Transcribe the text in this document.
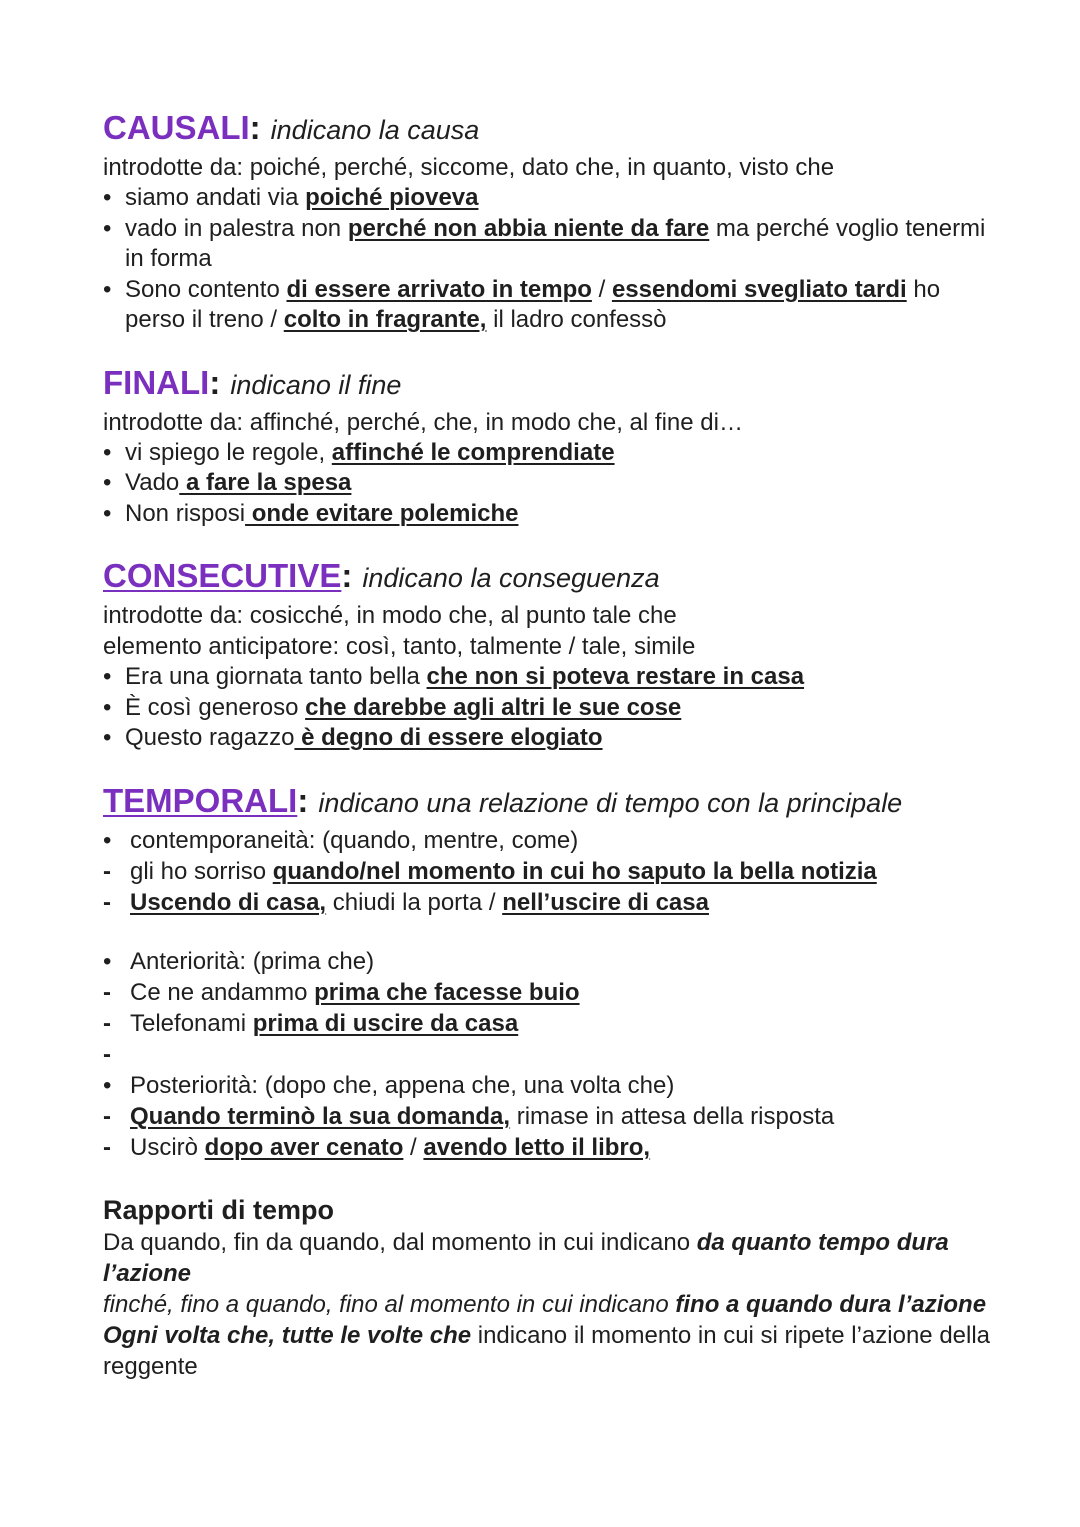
CAUSALI: indicano la causa
introdotte da: poiché, perché, siccome, dato che, in quanto, visto che
• siamo andati via poiché pioveva
• vado in palestra non perché non abbia niente da fare ma perché voglio tenermi in forma
• Sono contento di essere arrivato in tempo / essendomi svegliato tardi ho perso il treno / colto in fragrante, il ladro confessò
FINALI: indicano il fine
introdotte da: affinché, perché, che, in modo che, al fine di…
• vi spiego le regole, affinché le comprendiate
• Vado a fare la spesa
• Non risposi onde evitare polemiche
CONSECUTIVE: indicano la conseguenza
introdotte da: cosicché, in modo che, al punto tale che
elemento anticipatore: così, tanto, talmente / tale, simile
• Era una giornata tanto bella che non si poteva restare in casa
• È così generoso che darebbe agli altri le sue cose
• Questo ragazzo è degno di essere elogiato
TEMPORALI: indicano una relazione di tempo con la principale
• contemporaneità: (quando, mentre, come)
- gli ho sorriso quando/nel momento in cui ho saputo la bella notizia
- Uscendo di casa, chiudi la porta / nell’uscire di casa
• Anteriorità: (prima che)
- Ce ne andammo prima che facesse buio
- Telefonami prima di uscire da casa
-

• Posteriorità: (dopo che, appena che, una volta che)
- Quando terminò la sua domanda, rimase in attesa della risposta
- Uscirò dopo aver cenato / avendo letto il libro,
Rapporti di tempo

Da quando, fin da quando, dal momento in cui indicano da quanto tempo dura l’azione

finché, fino a quando, fino al momento in cui indicano fino a quando dura l’azione

Ogni volta che, tutte le volte che indicano il momento in cui si ripete l’azione della reggente
